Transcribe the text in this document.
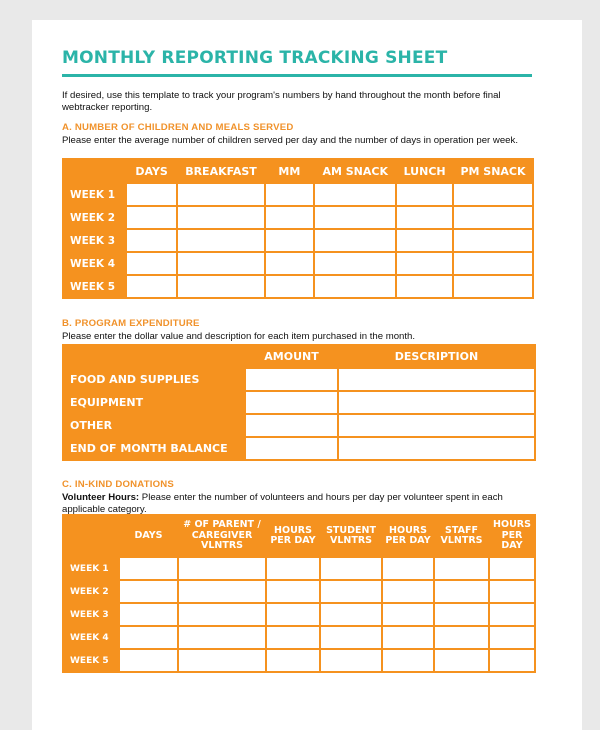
MONTHLY REPORTING TRACKING SHEET
If desired, use this template to track your program's numbers by hand throughout the month before final webtracker reporting.
A. NUMBER OF CHILDREN AND MEALS SERVED
Please enter the average number of children served per day and the number of days in operation per week.
	DAYS	BREAKFAST	MM	AM SNACK	LUNCH	PM SNACK
WEEK 1						
WEEK 2						
WEEK 3						
WEEK 4						
WEEK 5						
B. PROGRAM EXPENDITURE
Please enter the dollar value and description for each item purchased in the month.
	AMOUNT	DESCRIPTION
FOOD AND SUPPLIES		
EQUIPMENT		
OTHER		
END OF MONTH BALANCE		
C. IN-KIND DONATIONS
Volunteer Hours: Please enter the number of volunteers and hours per day per volunteer spent in each applicable category.
	DAYS	# OF PARENT / CAREGIVER VLNTRS	HOURS PER DAY	STUDENT VLNTRS	HOURS PER DAY	STAFF VLNTRS	HOURS PER DAY
WEEK 1							
WEEK 2							
WEEK 3							
WEEK 4							
WEEK 5							
